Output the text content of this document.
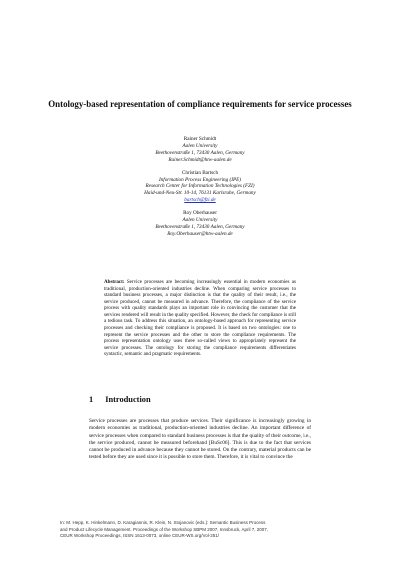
Ontology-based representation of compliance requirements for service processes
Rainer Schmidt
Aalen University
Beethovenstraße 1, 73430 Aalen, Germany
Rainer.Schmidt@htw-aalen.de
Christian Bartsch
Information Process Engineering (IPE)
Research Center for Information Technologies (FZI)
Haid-und-Neu-Str. 10-14, 76131 Karlsruhe, Germany
bartsch@fzi.de
Roy Oberhauser
Aalen University
Beethovenstraße 1, 73430 Aalen, Germany
Roy.Oberhauser@htw-aalen.de
Abstract: Service processes are becoming increasingly essential in modern economies as traditional, production-oriented industries decline. When comparing service processes to standard business processes, a major distinction is that the quality of their result, i.e., the service produced, cannot be measured in advance. Therefore, the compliance of the service process with quality standards plays an important role in convincing the customer that the services rendered will result in the quality specified. However, the check for compliance is still a tedious task. To address this situation, an ontology-based approach for representing service processes and checking their compliance is proposed. It is based on two ontologies: one to represent the service processes and the other to store the compliance requirements. The process representation ontology uses three so-called views to appropriately represent the service processes. The ontology for storing the compliance requirements differentiates syntactic, semantic and pragmatic requirements.
1 Introduction
Service processes are processes that produce services. Their significance is increasingly growing in modern economies as traditional, production-oriented industries decline. An important difference of service processes when compared to standard business processes is that the quality of their outcome, i.e., the service produced, cannot be measured beforehand [BuSc06]. This is due to the fact that services cannot be produced in advance because they cannot be stored. On the contrary, material products can be tested before they are used since it is possible to store them. Therefore, it is vital to convince the
In: M. Hepp, K. Hinkelmann, D. Karagiannis, R. Klein, N. Stojanovic (eds.): Semantic Business Process
and Product Lifecycle Management. Proceedings of the Workshop SBPM 2007, Innsbruck, April 7, 2007,
CEUR Workshop Proceedings, ISSN 1613-0073, online CEUR-WS.org/Vol-251/
